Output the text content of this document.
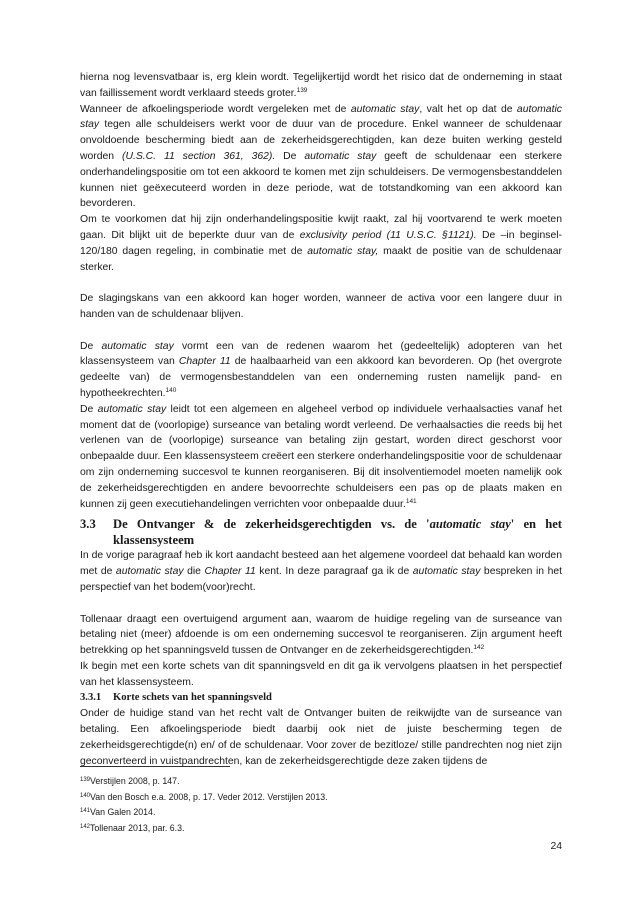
hierna nog levensvatbaar is, erg klein wordt. Tegelijkertijd wordt het risico dat de onderneming in staat van faillissement wordt verklaard steeds groter.$^{139}$

Wanneer de afkoelingsperiode wordt vergeleken met de automatic stay, valt het op dat de automatic stay tegen alle schuldeisers werkt voor de duur van de procedure. Enkel wanneer de schuldenaar onvoldoende bescherming biedt aan de zekerheidsgerechtigden, kan deze buiten werking gesteld worden (U.S.C. 11 section 361, 362). De automatic stay geeft de schuldenaar een sterkere onderhandelingspositie om tot een akkoord te komen met zijn schuldeisers. De vermogensbestanddelen kunnen niet geëxecuteerd worden in deze periode, wat de totstandkoming van een akkoord kan bevorderen.

Om te voorkomen dat hij zijn onderhandelingspositie kwijt raakt, zal hij voortvarend te werk moeten gaan. Dit blijkt uit de beperkte duur van de exclusivity period (11 U.S.C. §1121). De –in beginsel- 120/180 dagen regeling, in combinatie met de automatic stay, maakt de positie van de schuldenaar sterker.

De slagingskans van een akkoord kan hoger worden, wanneer de activa voor een langere duur in handen van de schuldenaar blijven.

De automatic stay vormt een van de redenen waarom het (gedeeltelijk) adopteren van het klassensysteem van Chapter 11 de haalbaarheid van een akkoord kan bevorderen. Op (het overgrote gedeelte van) de vermogensbestanddelen van een onderneming rusten namelijk pand- en hypotheekrechten.$^{140}$

De automatic stay leidt tot een algemeen en algeheel verbod op individuele verhaalsacties vanaf het moment dat de (voorlopige) surseance van betaling wordt verleend. De verhaalsacties die reeds bij het verlenen van de (voorlopige) surseance van betaling zijn gestart, worden direct geschorst voor onbepaalde duur. Een klassensysteem creëert een sterkere onderhandelingspositie voor de schuldenaar om zijn onderneming succesvol te kunnen reorganiseren. Bij dit insolventiemodel moeten namelijk ook de zekerheidsgerechtigden en andere bevoorrechte schuldeisers een pas op de plaats maken en kunnen zij geen executiehandelingen verrichten voor onbepaalde duur.$^{141}$

3.3	De Ontvanger & de zekerheidsgerechtigden vs. de 'automatic stay' en het klassensysteem

In de vorige paragraaf heb ik kort aandacht besteed aan het algemene voordeel dat behaald kan worden met de automatic stay die Chapter 11 kent. In deze paragraaf ga ik de automatic stay bespreken in het perspectief van het bodem(voor)recht.

Tollenaar draagt een overtuigend argument aan, waarom de huidige regeling van de surseance van betaling niet (meer) afdoende is om een onderneming succesvol te reorganiseren. Zijn argument heeft betrekking op het spanningsveld tussen de Ontvanger en de zekerheidsgerechtigden.$^{142}$

Ik begin met een korte schets van dit spanningsveld en dit ga ik vervolgens plaatsen in het perspectief van het klassensysteem.

3.3.1	Korte schets van het spanningsveld

Onder de huidige stand van het recht valt de Ontvanger buiten de reikwijdte van de surseance van betaling. Een afkoelingsperiode biedt daarbij ook niet de juiste bescherming tegen de zekerheidsgerechtigde(n) en/ of de schuldenaar. Voor zover de bezitloze/ stille pandrechten nog niet zijn geconverteerd in vuistpandrechten, kan de zekerheidsgerechtigde deze zaken tijdens de

$^{139}$Verstijlen 2008, p. 147.

$^{140}$Van den Bosch e.a. 2008, p. 17. Veder 2012. Verstijlen 2013.

$^{141}$Van Galen 2014.

$^{142}$Tollenaar 2013, par. 6.3.

24
